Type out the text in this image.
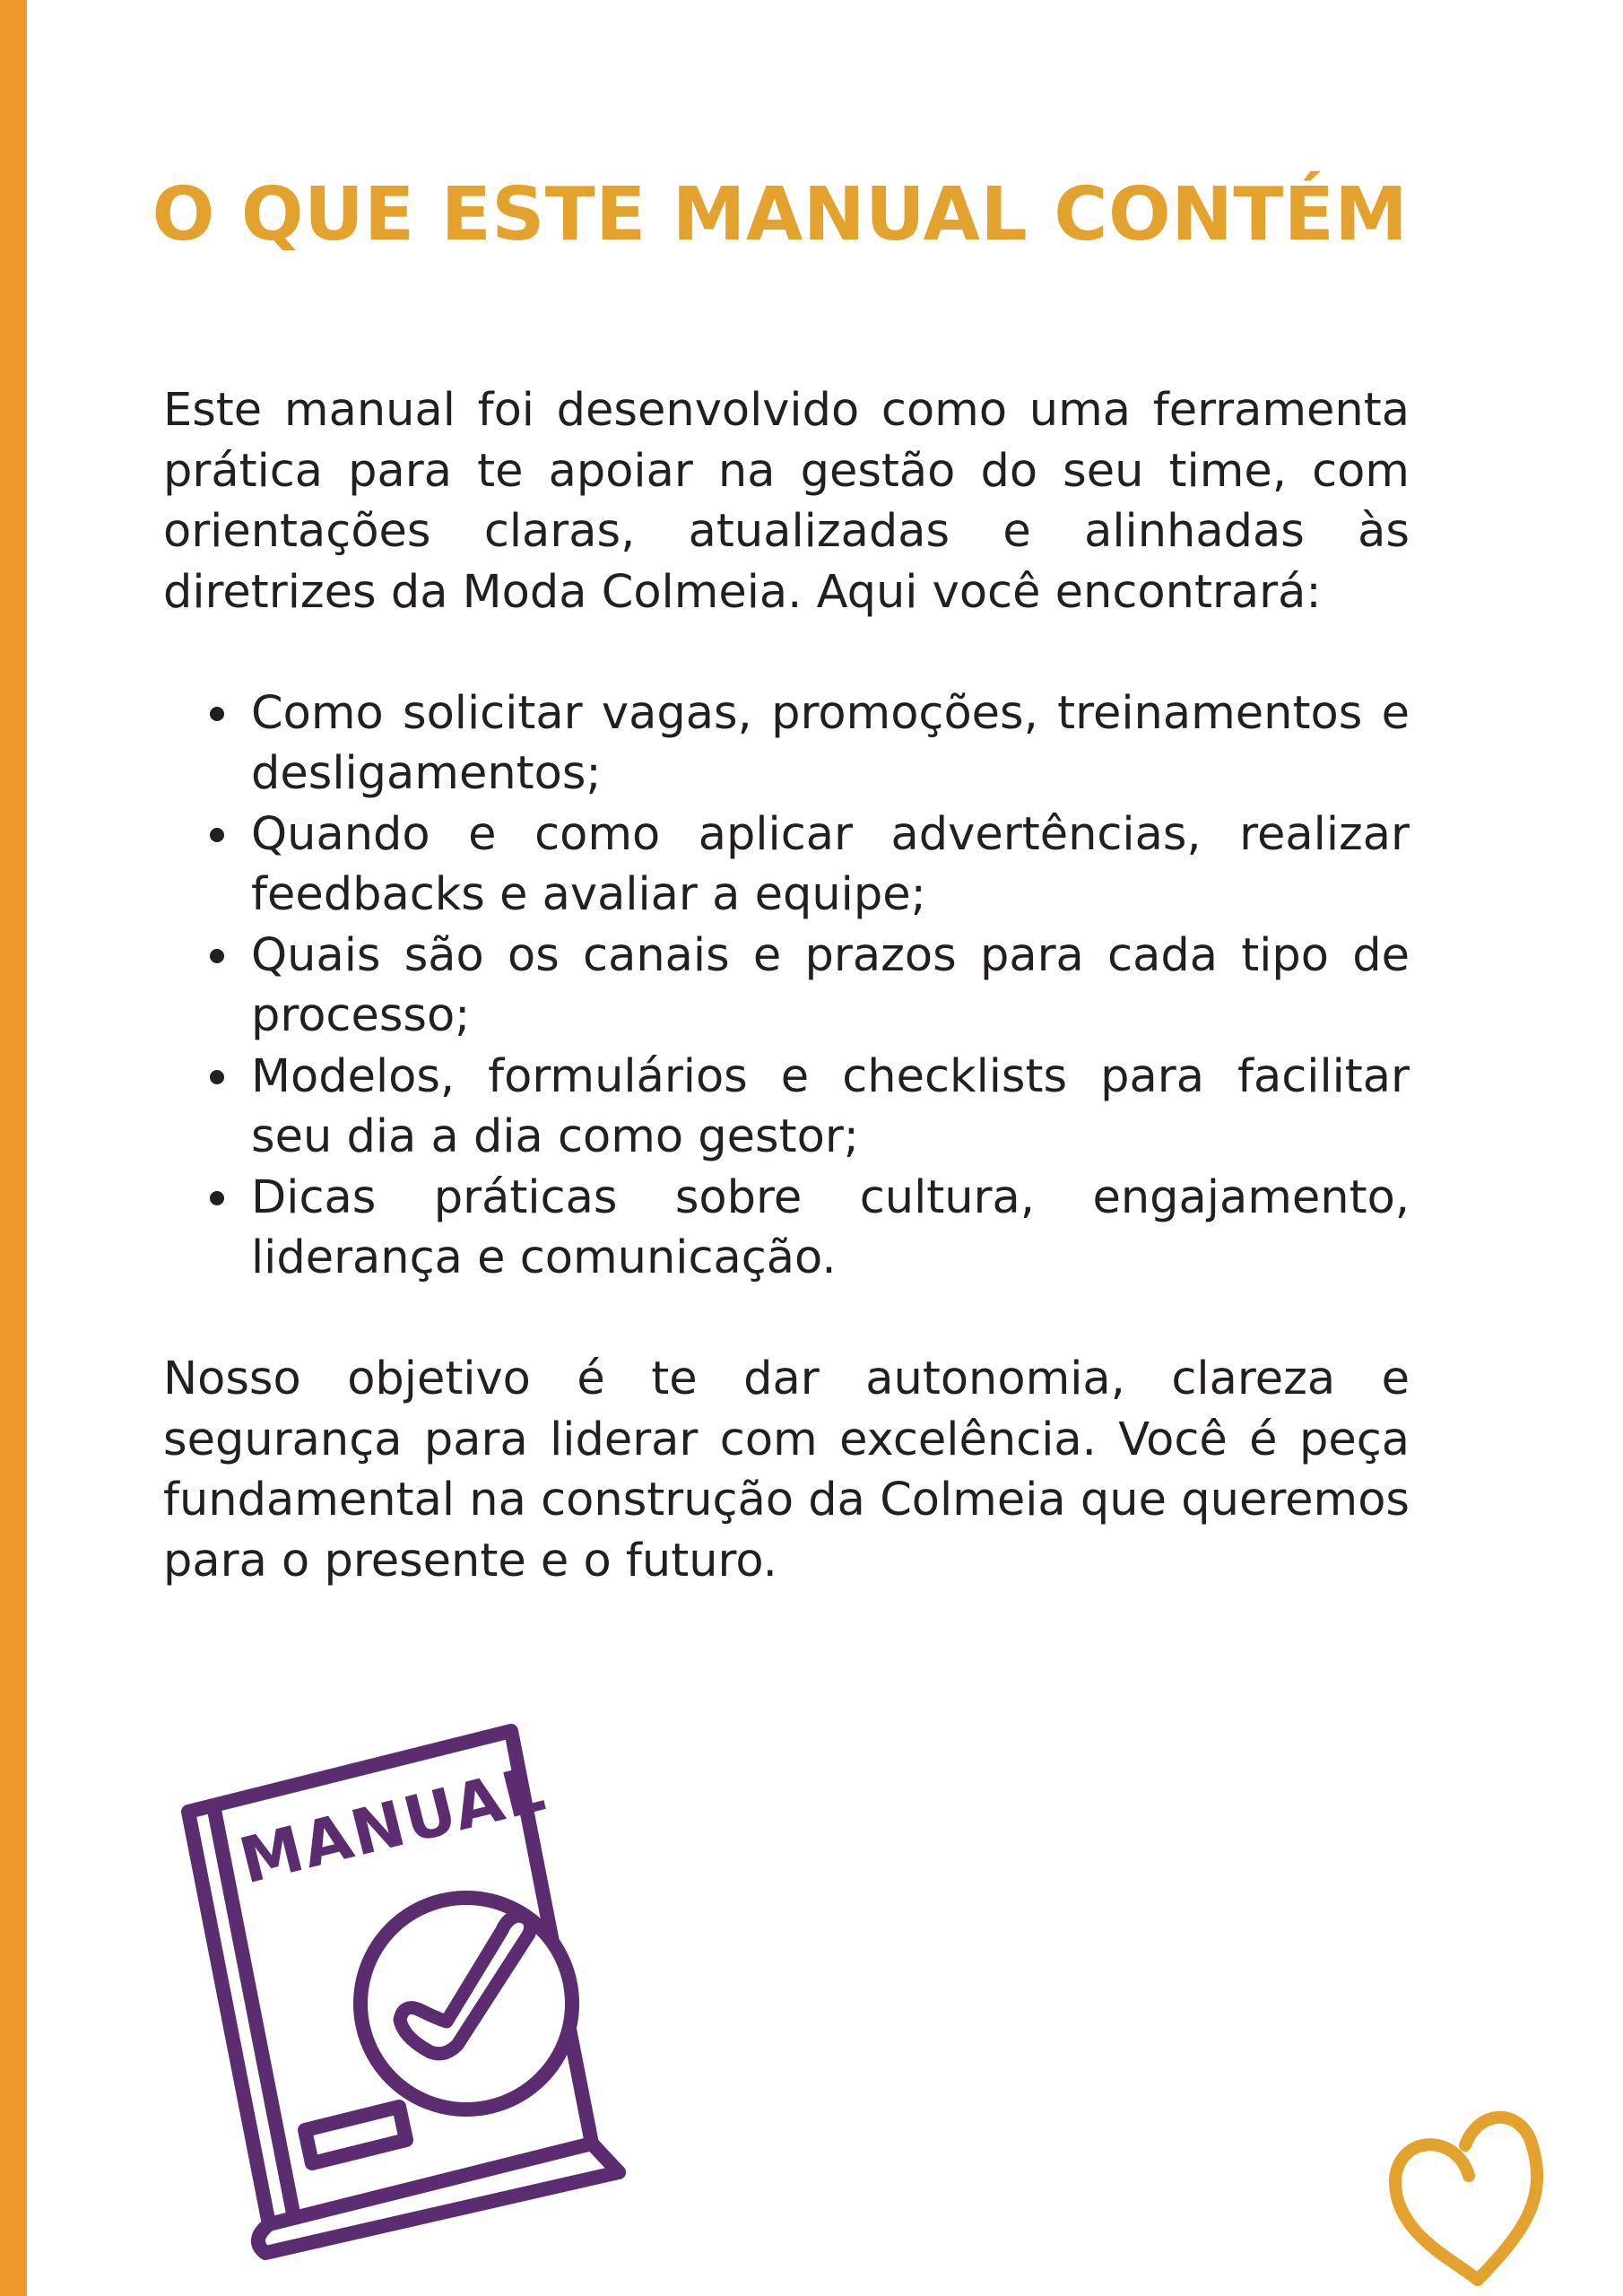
O QUE ESTE MANUAL CONTÉM

Este manual foi desenvolvido como uma ferramenta prática para te apoiar na gestão do seu time, com orientações claras, atualizadas e alinhadas às diretrizes da Moda Colmeia. Aqui você encontrará:

Como solicitar vagas, promoções, treinamentos e desligamentos;
Quando e como aplicar advertências, realizar feedbacks e avaliar a equipe;
Quais são os canais e prazos para cada tipo de processo;
Modelos, formulários e checklists para facilitar seu dia a dia como gestor;
Dicas práticas sobre cultura, engajamento, liderança e comunicação.

Nosso objetivo é te dar autonomia, clareza e segurança para liderar com excelência. Você é peça fundamental na construção da Colmeia que queremos para o presente e o futuro.

MANUAL
